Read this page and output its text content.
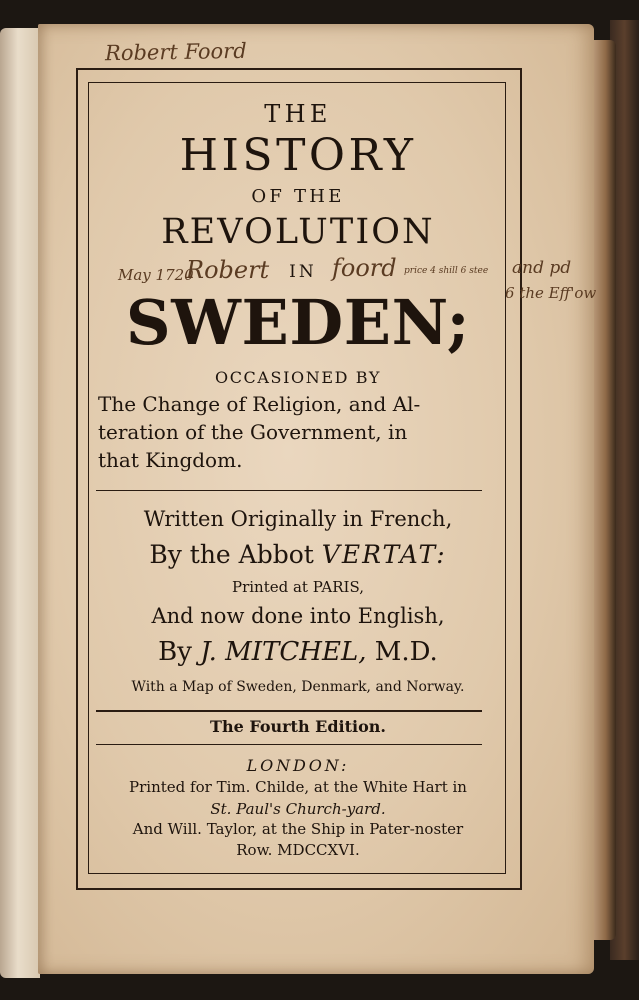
Robert Foord
THE
HISTORY
OF THE
REVOLUTION
May 1720
Robert	IN foord price 4 shill 6 stee and pd
6 the Eff'ow
SWEDEN;
OCCASIONED BY
The Change of Religion, and Al-
teration of the Government, in
that Kingdom.
Written Originally in French,
By the Abbot VERTAT:
Printed at PARIS,
And now done into English,
By J. MITCHEL, M.D.
With a Map of Sweden, Denmark, and Norway.
The Fourth Edition.
LONDON:
Printed for Tim. Childe, at the White Hart in
St. Paul's Church-yard.
And Will. Taylor, at the Ship in Pater-noster
Row. MDCCXVI.
